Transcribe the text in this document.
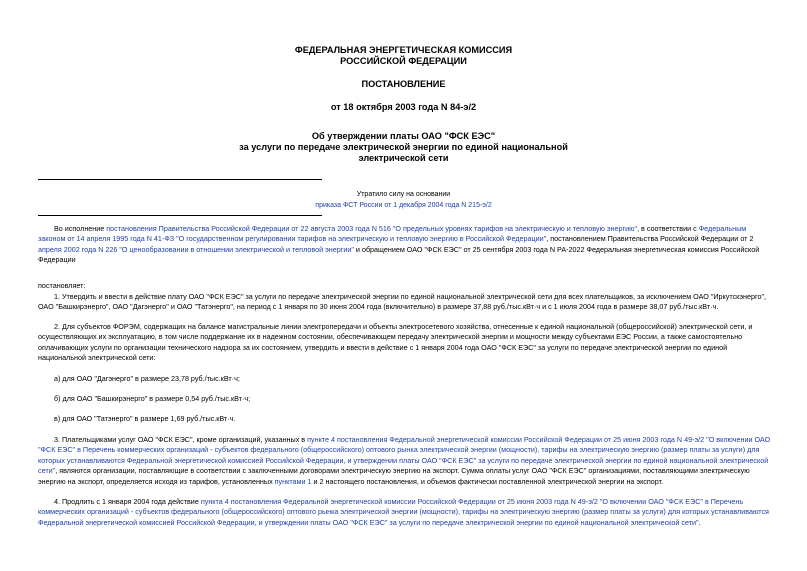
ФЕДЕРАЛЬНАЯ ЭНЕРГЕТИЧЕСКАЯ КОМИССИЯ
РОССИЙСКОЙ ФЕДЕРАЦИИ
ПОСТАНОВЛЕНИЕ
от 18 октября 2003 года N 84-э/2
Об утверждении платы ОАО "ФСК ЕЭС"
за услуги по передаче электрической энергии по единой национальной
электрической сети
Утратило силу на основании
приказа ФСТ России от 1 декабря 2004 года N 215-э/2
Во исполнение постановления Правительства Российской Федерации от 22 августа 2003 года N 516 "О предельных уровнях тарифов на электрическую и тепловую энергию", в соответствии с Федеральным
законом от 14 апреля 1995 года N 41-ФЗ "О государственном регулировании тарифов на электрическую и тепловую энергию в Российской Федерации", постановлением Правительства Российской Федерации от 2
апреля 2002 года N 226 "О ценообразовании в отношении электрической и тепловой энергии" и обращением ОАО "ФСК ЕЭС" от 25 сентября 2003 года N РА-2022 Федеральная энергетическая комиссия Российской
Федерации
постановляет:
1. Утвердить и ввести в действие плату ОАО "ФСК ЕЭС" за услуги по передаче электрической энергии по единой национальной электрической сети для всех плательщиков, за исключением ОАО "Иркутскэнерго",
ОАО "Башкирэнерго", ОАО "Дагэнерго" и ОАО "Татэнерго", на период с 1 января по 30 июня 2004 года (включительно) в размере 37,88 руб./тыс.кВт·ч и с 1 июля 2004 года в размере 38,07 руб./тыс.кВт·ч.
2. Для субъектов ФОРЭМ, содержащих на балансе магистральные линии электропередачи и объекты электросетевого хозяйства, отнесенные к единой национальной (общероссийской) электрической сети, и
осуществляющих их эксплуатацию, в том числе поддержание их в надежном состоянии, обеспечивающем передачу электрической энергии и мощности между субъектами ЕЭС России, а также самостоятельно
оплачивающих услуги по организации технического надзора за их состоянием, утвердить и ввести в действие с 1 января 2004 года ОАО "ФСК ЕЭС" за услуги по передаче электрической энергии по единой
национальной электрической сети:
а) для ОАО "Дагэнерго" в размере 23,78 руб./тыс.кВт·ч;
б) для ОАО "Башкирэнерго" в размере 0,54 руб./тыс.кВт·ч;
в) для ОАО "Татэнерго" в размере 1,69 руб./тыс.кВт·ч.
3. Плательщиками услуг ОАО "ФСК ЕЭС", кроме организаций, указанных в пункте 4 постановления Федеральной энергетической комиссии Российской Федерации от 25 июня 2003 года N 49-э/2 "О включении ОАО
"ФСК ЕЭС" в Перечень коммерческих организаций - субъектов федерального (общероссийского) оптового рынка электрической энергии (мощности), тарифы на электрическую энергию (размер платы за услуги) для
которых устанавливаются Федеральной энергетической комиссией Российской Федерации, и утверждении платы ОАО "ФСК ЕЭС" за услуги по передаче электрической энергии по единой национальной электрической
сети", являются организации, поставляющие в соответствии с заключенными договорами электрическую энергию на экспорт. Сумма оплаты услуг ОАО "ФСК ЕЭС" организациями, поставляющими электрическую
энергию на экспорт, определяется исходя из тарифов, установленных пунктами 1 и 2 настоящего постановления, и объемов фактически поставленной электрической энергии на экспорт.
4. Продлить с 1 января 2004 года действие пункта 4 постановления Федеральной энергетической комиссии Российской Федерации от 25 июня 2003 года N 49-э/2 "О включении ОАО "ФСК ЕЭС" в Перечень
коммерческих организаций - субъектов федерального (общероссийского) оптового рынка электрической энергии (мощности), тарифы на электрическую энергию (размер платы за услуги) для которых устанавливаются
Федеральной энергетической комиссией Российской Федерации, и утверждении платы ОАО "ФСК ЕЭС" за услуги по передаче электрической энергии по единой национальной электрической сети".
